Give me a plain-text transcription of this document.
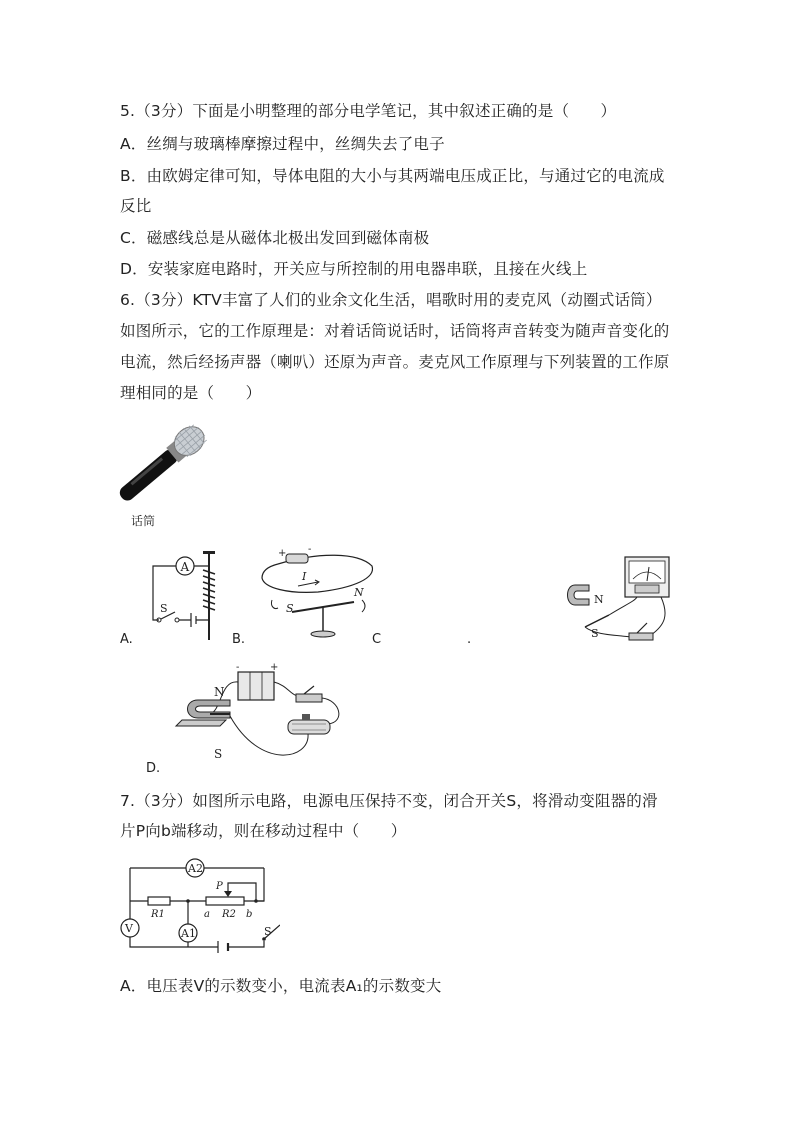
5.（3分）下面是小明整理的部分电学笔记，其中叙述正确的是（　　）
A．丝绸与玻璃棒摩擦过程中，丝绸失去了电子
B．由欧姆定律可知，导体电阻的大小与其两端电压成正比，与通过它的电流成
反比
C．磁感线总是从磁体北极出发回到磁体南极
D．安装家庭电路时，开关应与所控制的用电器串联，且接在火线上
6.（3分）KTV丰富了人们的业余文化生活，唱歌时用的麦克风（动圈式话筒）
如图所示，它的工作原理是：对着话筒说话时，话筒将声音转变为随声音变化的
电流，然后经扬声器（喇叭）还原为声音。麦克风工作原理与下列装置的工作原
理相同的是（　　）
话筒
A
S
A.
+ -
I
S
N
B.	C	.
N
S
-	+
N
S
D.
7.（3分）如图所示电路，电源电压保持不变，闭合开关S，将滑动变阻器的滑
片P向b端移动，则在移动过程中（　　）
A2
V	S
R1
A1
R2
a	b
P
A．电压表V的示数变小，电流表A₁的示数变大
